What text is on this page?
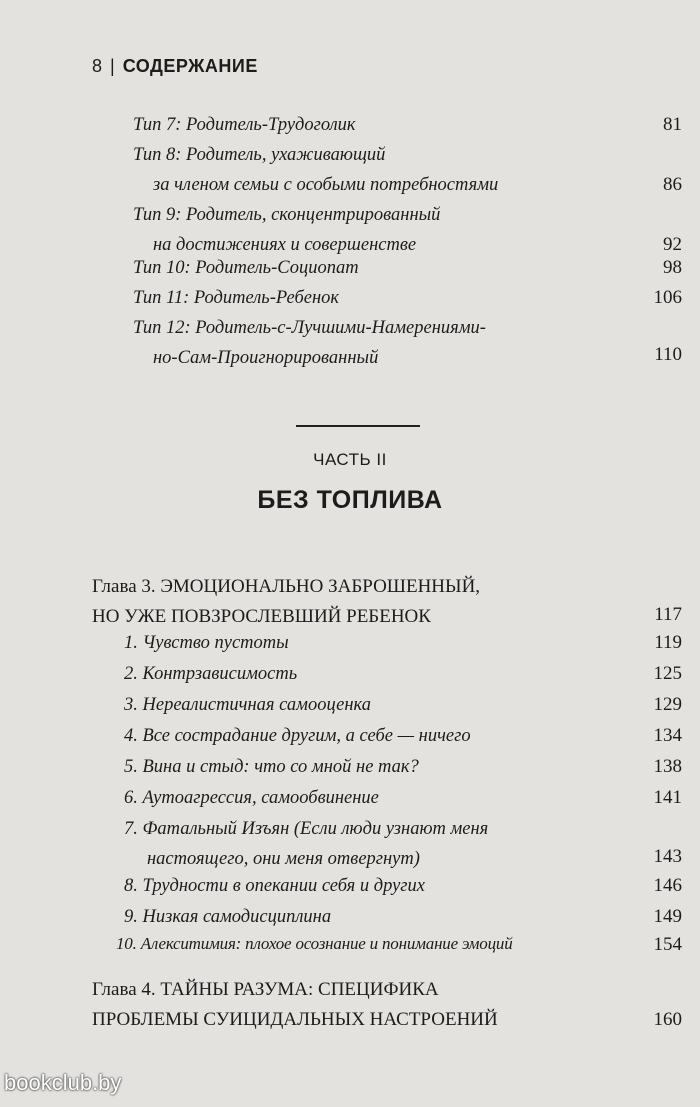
8 | СОДЕРЖАНИЕ
Тип 7: Родитель-Трудоголик	81
Тип 8: Родитель, ухаживающий
за членом семьи с особыми потребностями	86
Тип 9: Родитель, сконцентрированный
на достижениях и совершенстве	92
Тип 10: Родитель-Социопат	98
Тип 11: Родитель-Ребенок	106
Тип 12: Родитель-с-Лучшими-Намерениями-
но-Сам-Проигнорированный	110
ЧАСТЬ II
БЕЗ ТОПЛИВА
Глава 3. ЭМОЦИОНАЛЬНО ЗАБРОШЕННЫЙ,
НО УЖЕ ПОВЗРОСЛЕВШИЙ РЕБЕНОК	117
1. Чувство пустоты	119
2. Контрзависимость	125
3. Нереалистичная самооценка	129
4. Все сострадание другим, а себе — ничего	134
5. Вина и стыд: что со мной не так?	138
6. Аутоагрессия, самообвинение	141
7. Фатальный Изъян (Если люди узнают меня
настоящего, они меня отвергнут)	143
8. Трудности в опекании себя и других	146
9. Низкая самодисциплина	149
10. Алекситимия: плохое осознание и понимание эмоций	154
Глава 4. ТАЙНЫ РАЗУМА: СПЕЦИФИКА
ПРОБЛЕМЫ СУИЦИДАЛЬНЫХ НАСТРОЕНИЙ	160
bookclub.by
